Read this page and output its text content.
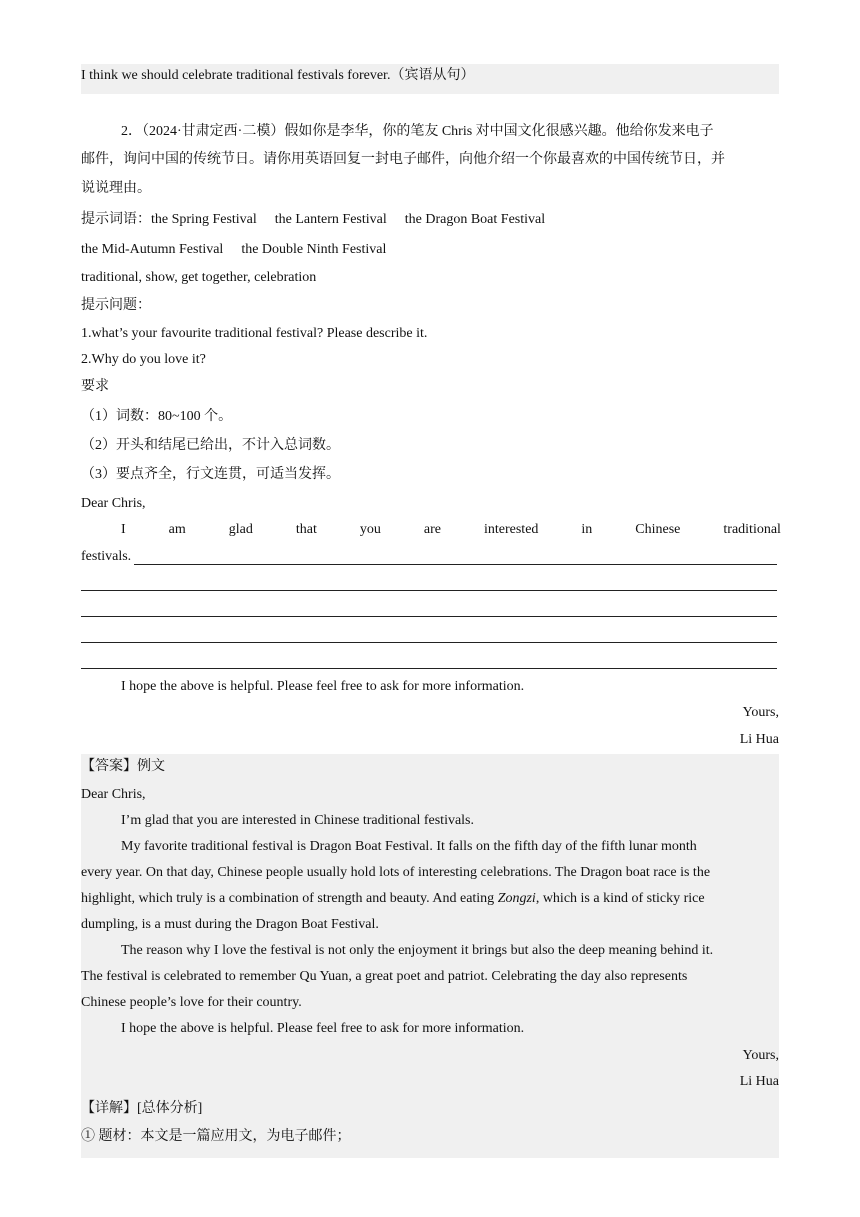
I think we should celebrate traditional festivals forever.（宾语从句）
2．（2024·甘肃定西·二模）假如你是李华，你的笔友 Chris 对中国文化很感兴趣。他给你发来电子
邮件，询问中国的传统节日。请你用英语回复一封电子邮件，向他介绍一个你最喜欢的中国传统节日，并
说说理由。
提示词语：the Spring Festival the Lantern Festival the Dragon Boat Festival
the Mid-Autumn Festival the Double Ninth Festival
traditional, show, get together, celebration
提示问题：
1.what’s your favourite traditional festival? Please describe it.
2.Why do you love it?
要求
（1）词数：80~100 个。
（2）开头和结尾已给出，不计入总词数。
（3）要点齐全，行文连贯，可适当发挥。
Dear Chris,
I	am	glad	that	you	are	interested	in	Chinese	traditional
festivals.
I hope the above is helpful. Please feel free to ask for more information.
Yours,
Li Hua
【答案】例文
Dear Chris,
I’m glad that you are interested in Chinese traditional festivals.
My favorite traditional festival is Dragon Boat Festival. It falls on the fifth day of the fifth lunar month
every year. On that day, Chinese people usually hold lots of interesting celebrations. The Dragon boat race is the
highlight, which truly is a combination of strength and beauty. And eating Zongzi, which is a kind of sticky rice
dumpling, is a must during the Dragon Boat Festival.
The reason why I love the festival is not only the enjoyment it brings but also the deep meaning behind it.
The festival is celebrated to remember Qu Yuan, a great poet and patriot. Celebrating the day also represents
Chinese people’s love for their country.
I hope the above is helpful. Please feel free to ask for more information.
Yours,
Li Hua
【详解】[总体分析]
① 题材：本文是一篇应用文，为电子邮件；
